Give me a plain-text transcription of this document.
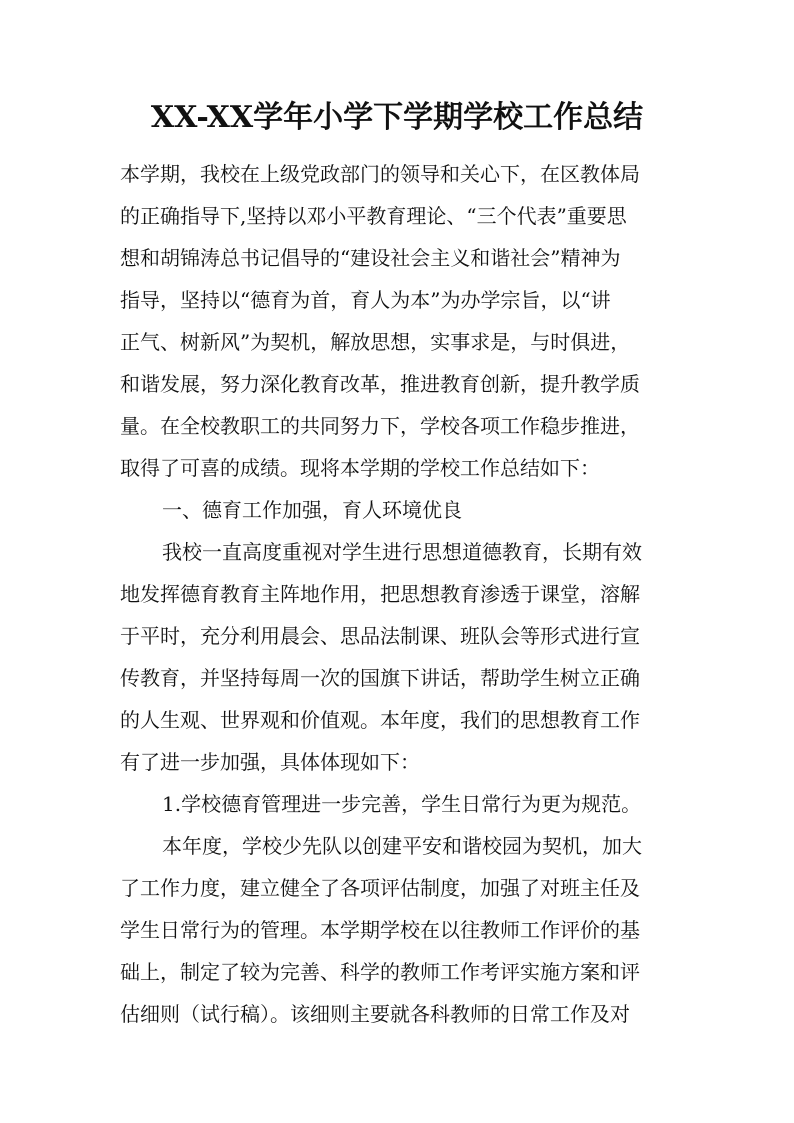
XX-XX学年小学下学期学校工作总结
本学期，我校在上级党政部门的领导和关心下，在区教体局
的正确指导下,坚持以邓小平教育理论、“三个代表”重要思
想和胡锦涛总书记倡导的“建设社会主义和谐社会”精神为
指导，坚持以“德育为首，育人为本”为办学宗旨，以“讲
正气、树新风”为契机，解放思想，实事求是，与时俱进，
和谐发展，努力深化教育改革，推进教育创新，提升教学质
量。在全校教职工的共同努力下，学校各项工作稳步推进，
取得了可喜的成绩。现将本学期的学校工作总结如下：
一、德育工作加强，育人环境优良
我校一直高度重视对学生进行思想道德教育，长期有效
地发挥德育教育主阵地作用，把思想教育渗透于课堂，溶解
于平时，充分利用晨会、思品法制课、班队会等形式进行宣
传教育，并坚持每周一次的国旗下讲话，帮助学生树立正确
的人生观、世界观和价值观。本年度，我们的思想教育工作
有了进一步加强，具体体现如下：
1.学校德育管理进一步完善，学生日常行为更为规范。
本年度，学校少先队以创建平安和谐校园为契机，加大
了工作力度，建立健全了各项评估制度，加强了对班主任及
学生日常行为的管理。本学期学校在以往教师工作评价的基
础上，制定了较为完善、科学的教师工作考评实施方案和评
估细则（试行稿）。该细则主要就各科教师的日常工作及对
